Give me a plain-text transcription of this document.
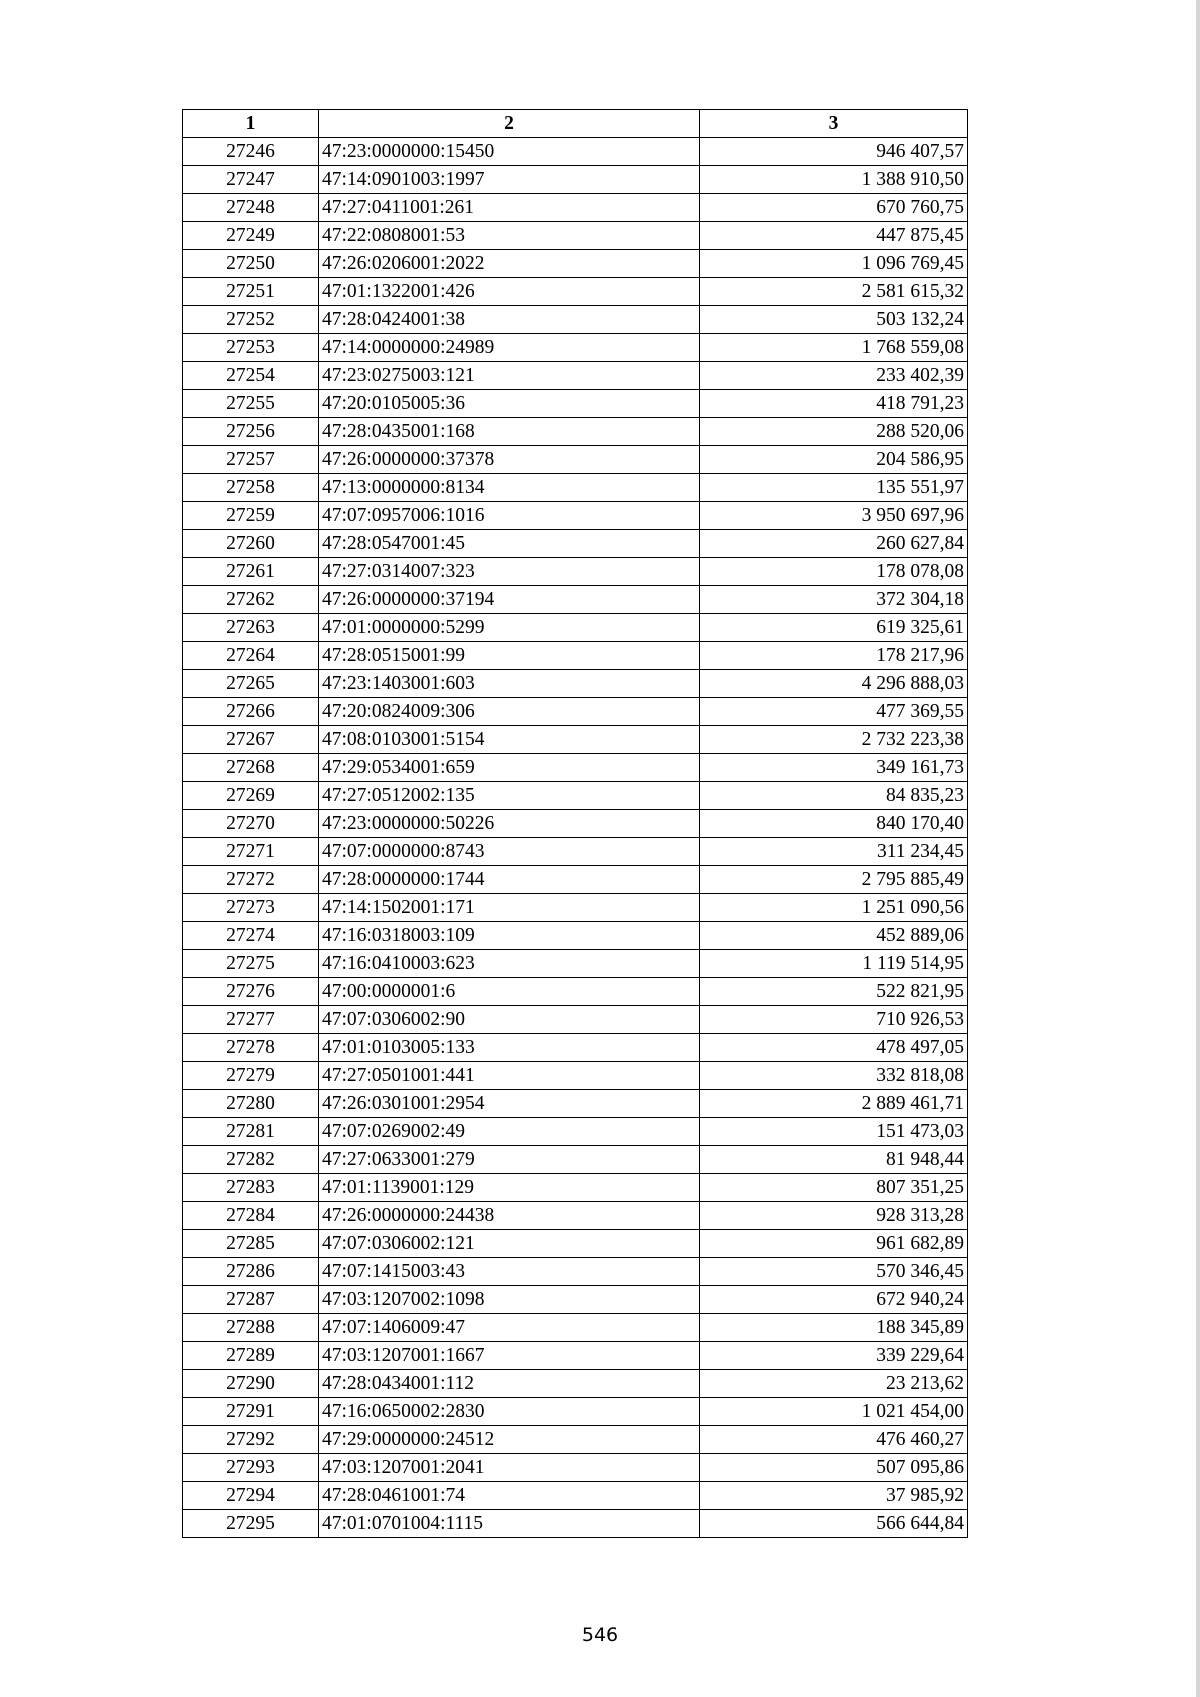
1	2	3
27246	47:23:0000000:15450	946 407,57
27247	47:14:0901003:1997	1 388 910,50
27248	47:27:0411001:261	670 760,75
27249	47:22:0808001:53	447 875,45
27250	47:26:0206001:2022	1 096 769,45
27251	47:01:1322001:426	2 581 615,32
27252	47:28:0424001:38	503 132,24
27253	47:14:0000000:24989	1 768 559,08
27254	47:23:0275003:121	233 402,39
27255	47:20:0105005:36	418 791,23
27256	47:28:0435001:168	288 520,06
27257	47:26:0000000:37378	204 586,95
27258	47:13:0000000:8134	135 551,97
27259	47:07:0957006:1016	3 950 697,96
27260	47:28:0547001:45	260 627,84
27261	47:27:0314007:323	178 078,08
27262	47:26:0000000:37194	372 304,18
27263	47:01:0000000:5299	619 325,61
27264	47:28:0515001:99	178 217,96
27265	47:23:1403001:603	4 296 888,03
27266	47:20:0824009:306	477 369,55
27267	47:08:0103001:5154	2 732 223,38
27268	47:29:0534001:659	349 161,73
27269	47:27:0512002:135	84 835,23
27270	47:23:0000000:50226	840 170,40
27271	47:07:0000000:8743	311 234,45
27272	47:28:0000000:1744	2 795 885,49
27273	47:14:1502001:171	1 251 090,56
27274	47:16:0318003:109	452 889,06
27275	47:16:0410003:623	1 119 514,95
27276	47:00:0000001:6	522 821,95
27277	47:07:0306002:90	710 926,53
27278	47:01:0103005:133	478 497,05
27279	47:27:0501001:441	332 818,08
27280	47:26:0301001:2954	2 889 461,71
27281	47:07:0269002:49	151 473,03
27282	47:27:0633001:279	81 948,44
27283	47:01:1139001:129	807 351,25
27284	47:26:0000000:24438	928 313,28
27285	47:07:0306002:121	961 682,89
27286	47:07:1415003:43	570 346,45
27287	47:03:1207002:1098	672 940,24
27288	47:07:1406009:47	188 345,89
27289	47:03:1207001:1667	339 229,64
27290	47:28:0434001:112	23 213,62
27291	47:16:0650002:2830	1 021 454,00
27292	47:29:0000000:24512	476 460,27
27293	47:03:1207001:2041	507 095,86
27294	47:28:0461001:74	37 985,92
27295	47:01:0701004:1115	566 644,84
546
